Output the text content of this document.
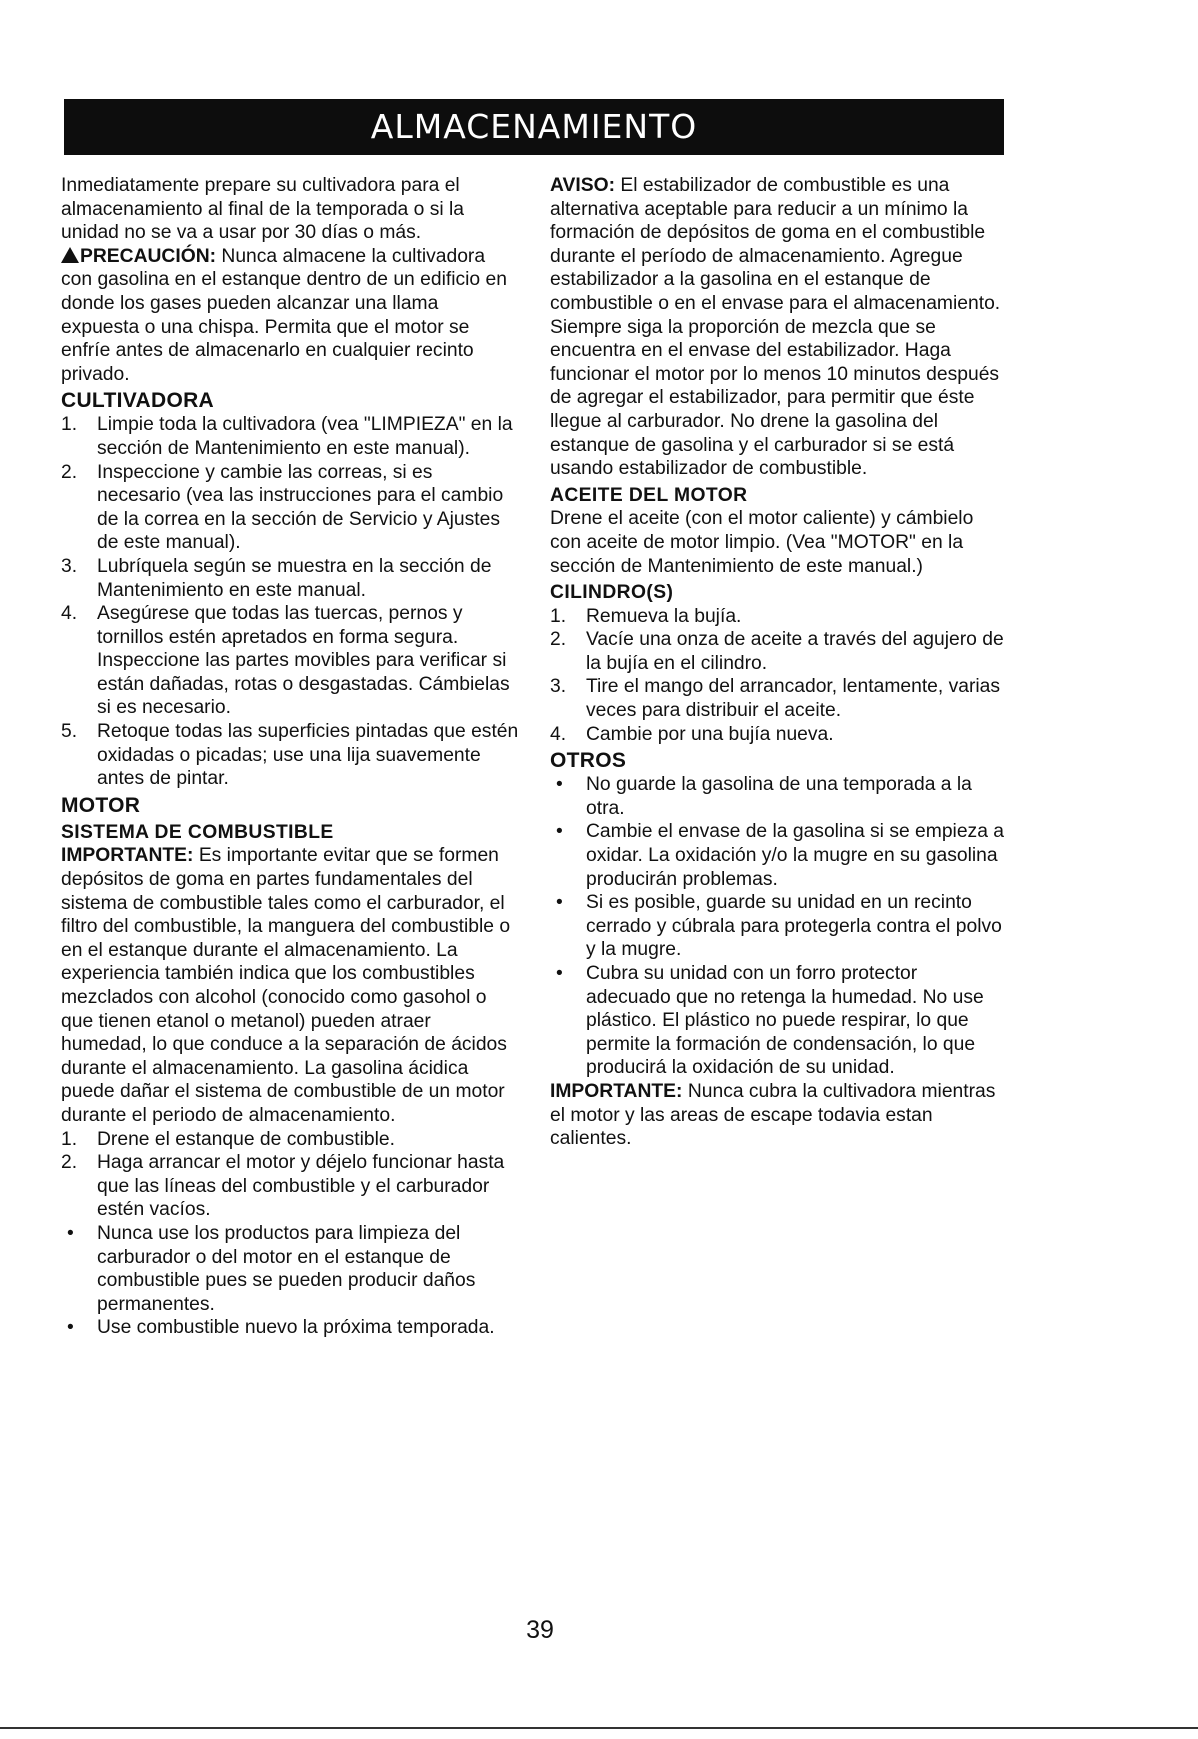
ALMACENAMIENTO

Inmediatamente prepare su cultivadora para el almacenamiento al final de la temporada o si la unidad no se va a usar por 30 días o más.

PRECAUCIÓN: Nunca almacene la cultivadora con gasolina en el estanque dentro de un edificio en donde los gases pueden alcanzar una llama expuesta o una chispa. Permita que el motor se enfríe antes de almacenarlo en cualquier recinto privado.

CULTIVADORA
1. Limpie toda la cultivadora (vea "LIMPIEZA" en la sección de Mantenimiento en este manual).
2. Inspeccione y cambie las correas, si es necesario (vea las instrucciones para el cambio de la correa en la sección de Servicio y Ajustes de este manual).
3. Lubríquela según se muestra en la sección de Mantenimiento en este manual.
4. Asegúrese que todas las tuercas, pernos y tornillos estén apretados en forma segura. Inspeccione las partes movibles para verificar si están dañadas, rotas o desgastadas. Cámbielas si es necesario.
5. Retoque todas las superficies pintadas que estén oxidadas o picadas; use una lija suavemente antes de pintar.
MOTOR
SISTEMA DE COMBUSTIBLE

IMPORTANTE: Es importante evitar que se formen depósitos de goma en partes fundamentales del sistema de combustible tales como el carburador, el filtro del combustible, la manguera del combustible o en el estanque durante el almacenamiento. La experiencia también indica que los combustibles mezclados con alcohol (conocido como gasohol o que tienen etanol o metanol) pueden atraer humedad, lo que conduce a la separación de ácidos durante el almacenamiento. La gasolina ácidica puede dañar el sistema de combustible de un motor durante el periodo de almacenamiento.

1. Drene el estanque de combustible.
2. Haga arrancar el motor y déjelo funcionar hasta que las líneas del combustible y el carburador estén vacíos.
• Nunca use los productos para limpieza del carburador o del motor en el estanque de combustible pues se pueden producir daños permanentes.
• Use combustible nuevo la próxima temporada.

AVISO: El estabilizador de combustible es una alternativa aceptable para reducir a un mínimo la formación de depósitos de goma en el combustible durante el período de almacenamiento. Agregue estabilizador a la gasolina en el estanque de combustible o en el envase para el almacenamiento. Siempre siga la proporción de mezcla que se encuentra en el envase del estabilizador. Haga funcionar el motor por lo menos 10 minutos después de agregar el estabilizador, para permitir que éste llegue al carburador. No drene la gasolina del estanque de gasolina y el carburador si se está usando estabilizador de combustible.

ACEITE DEL MOTOR

Drene el aceite (con el motor caliente) y cámbielo con aceite de motor limpio. (Vea "MOTOR" en la sección de Mantenimiento de este manual.)

CILINDRO(S)
1. Remueva la bujía.
2. Vacíe una onza de aceite a través del agujero de la bujía en el cilindro.
3. Tire el mango del arrancador, lentamente, varias veces para distribuir el aceite.
4. Cambie por una bujía nueva.
OTROS
• No guarde la gasolina de una temporada a la otra.
• Cambie el envase de la gasolina si se empieza a oxidar. La oxidación y/o la mugre en su gasolina producirán problemas.
• Si es posible, guarde su unidad en un recinto cerrado y cúbrala para protegerla contra el polvo y la mugre.
• Cubra su unidad con un forro protector adecuado que no retenga la humedad. No use plástico. El plástico no puede respirar, lo que permite la formación de condensación, lo que producirá la oxidación de su unidad.

IMPORTANTE: Nunca cubra la cultivadora mientras el motor y las areas de escape todavia estan calientes.

39
